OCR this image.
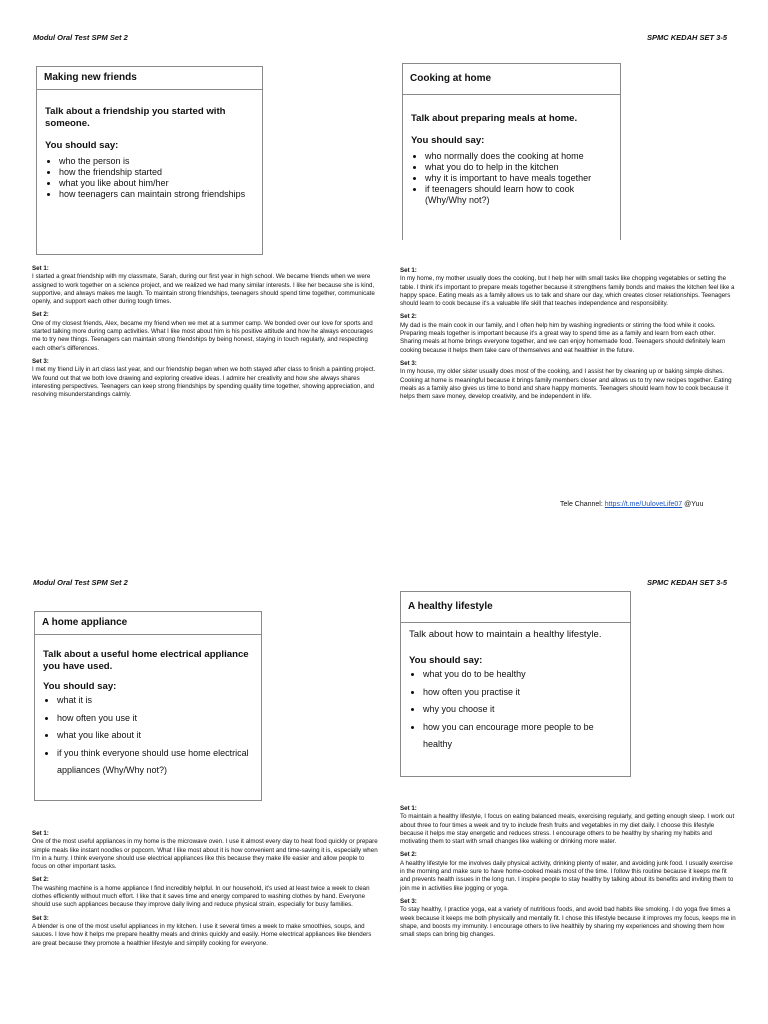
Modul Oral Test SPM Set 2	SPMC KEDAH SET 3-5
Making new friends
Talk about a friendship you started with someone.
You should say:
• who the person is
• how the friendship started
• what you like about him/her
• how teenagers can maintain strong friendships
Cooking at home
Talk about preparing meals at home.
You should say:
• who normally does the cooking at home
• what you do to help in the kitchen
• why it is important to have meals together
• if teenagers should learn how to cook (Why/Why not?)
Set 1:

I started a great friendship with my classmate, Sarah, during our first year in high school. We became friends when we were assigned to work together on a science project, and we realized we had many similar interests. I like her because she is kind, supportive, and always makes me laugh. To maintain strong friendships, teenagers should spend time together, communicate openly, and support each other during tough times.

Set 2:

One of my closest friends, Alex, became my friend when we met at a summer camp. We bonded over our love for sports and started talking more during camp activities. What I like most about him is his positive attitude and how he always encourages me to try new things. Teenagers can maintain strong friendships by being honest, staying in touch regularly, and respecting each other's differences.

Set 3:

I met my friend Lily in art class last year, and our friendship began when we both stayed after class to finish a painting project. We found out that we both love drawing and exploring creative ideas. I admire her creativity and how she always shares interesting perspectives. Teenagers can keep strong friendships by spending quality time together, showing appreciation, and resolving misunderstandings calmly.

Set 1:

In my home, my mother usually does the cooking, but I help her with small tasks like chopping vegetables or setting the table. I think it's important to prepare meals together because it strengthens family bonds and makes the kitchen feel like a happy space. Eating meals as a family allows us to talk and share our day, which creates closer relationships. Teenagers should learn to cook because it's a valuable life skill that teaches independence and responsibility.

Set 2:

My dad is the main cook in our family, and I often help him by washing ingredients or stirring the food while it cooks. Preparing meals together is important because it's a great way to spend time as a family and learn from each other. Sharing meals at home brings everyone together, and we can enjoy homemade food. Teenagers should definitely learn cooking because it helps them take care of themselves and eat healthier in the future.

Set 3:

In my house, my older sister usually does most of the cooking, and I assist her by cleaning up or baking simple dishes. Cooking at home is meaningful because it brings family members closer and allows us to try new recipes together. Eating meals as a family also gives us time to bond and share happy moments. Teenagers should learn how to cook because it helps them save money, develop creativity, and be independent in life.

Tele Channel: https://t.me/UuloveLife07 @Yuu
Modul Oral Test SPM Set 2	SPMC KEDAH SET 3-5
A home appliance
Talk about a useful home electrical appliance you have used.
You should say:
• what it is
• how often you use it
• what you like about it
• if you think everyone should use home electrical appliances (Why/Why not?)
A healthy lifestyle
Talk about how to maintain a healthy lifestyle.
You should say:
• what you do to be healthy
• how often you practise it
• why you choose it
• how you can encourage more people to be healthy
Set 1:

One of the most useful appliances in my home is the microwave oven. I use it almost every day to heat food quickly or prepare simple meals like instant noodles or popcorn. What I like most about it is how convenient and time-saving it is, especially when I'm in a hurry. I think everyone should use electrical appliances like this because they make life easier and allow people to focus on other important tasks.

Set 2:

The washing machine is a home appliance I find incredibly helpful. In our household, it's used at least twice a week to clean clothes efficiently without much effort. I like that it saves time and energy compared to washing clothes by hand. Everyone should use such appliances because they improve daily living and reduce physical strain, especially for busy families.

Set 3:

A blender is one of the most useful appliances in my kitchen. I use it several times a week to make smoothies, soups, and sauces. I love how it helps me prepare healthy meals and drinks quickly and easily. Home electrical appliances like blenders are great because they promote a healthier lifestyle and simplify cooking for everyone.

Set 1:

To maintain a healthy lifestyle, I focus on eating balanced meals, exercising regularly, and getting enough sleep. I work out about three to four times a week and try to include fresh fruits and vegetables in my diet daily. I choose this lifestyle because it helps me stay energetic and reduces stress. I encourage others to be healthy by sharing my habits and motivating them to start with small changes like walking or drinking more water.

Set 2:

A healthy lifestyle for me involves daily physical activity, drinking plenty of water, and avoiding junk food. I usually exercise in the morning and make sure to have home-cooked meals most of the time. I follow this routine because it keeps me fit and prevents health issues in the long run. I inspire people to stay healthy by talking about its benefits and inviting them to join me in activities like jogging or yoga.

Set 3:

To stay healthy, I practice yoga, eat a variety of nutritious foods, and avoid bad habits like smoking. I do yoga five times a week because it keeps me both physically and mentally fit. I chose this lifestyle because it improves my focus, keeps me in shape, and boosts my immunity. I encourage others to live healthily by sharing my experiences and showing them how small steps can bring big changes.
